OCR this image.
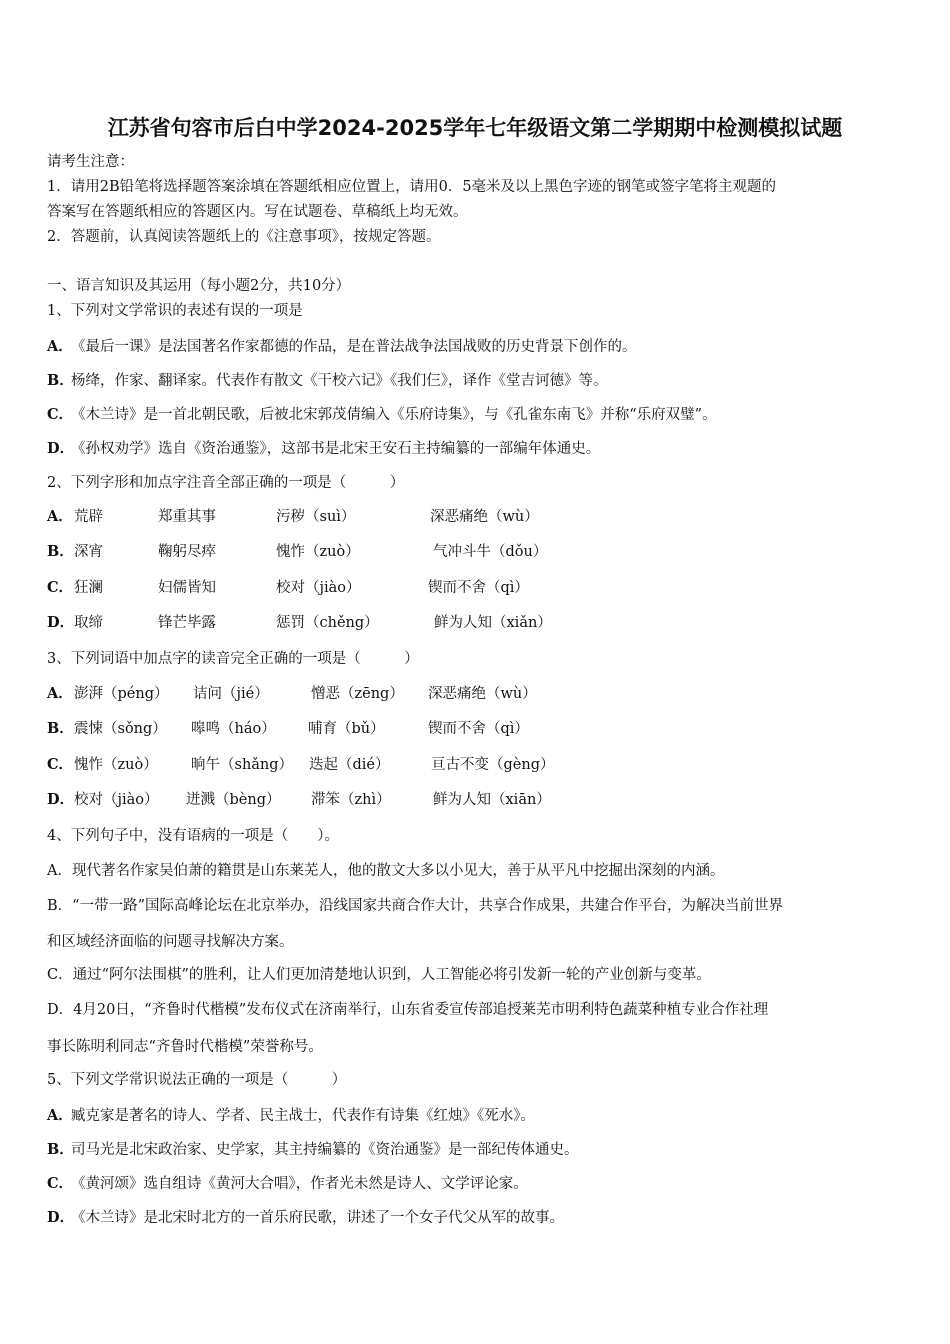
江苏省句容市后白中学2024-2025学年七年级语文第二学期期中检测模拟试题
请考生注意：
1．请用2B铅笔将选择题答案涂填在答题纸相应位置上，请用0．5毫米及以上黑色字迹的钢笔或签字笔将主观题的
答案写在答题纸相应的答题区内。写在试题卷、草稿纸上均无效。
2．答题前，认真阅读答题纸上的《注意事项》，按规定答题。
一、语言知识及其运用（每小题2分，共10分）
1、下列对文学常识的表述有误的一项是
A．《最后一课》是法国著名作家都德的作品，是在普法战争法国战败的历史背景下创作的。
B．杨绛，作家、翻译家。代表作有散文《干校六记》《我们仨》，译作《堂吉诃德》等。
C．《木兰诗》是一首北朝民歌，后被北宋郭茂倩编入《乐府诗集》，与《孔雀东南飞》并称“乐府双璧”。
D．《孙权劝学》选自《资治通鉴》，这部书是北宋王安石主持编纂的一部编年体通史。
2、下列字形和加点字注音全部正确的一项是（　　　）
A． 荒辟	郑重其事	污秽（suì）	深恶痛绝（wù）
B． 深宵	鞠躬尽瘁	愧怍（zuò）	气冲斗牛（dǒu）
C． 狂澜	妇儒皆知	校对（jiào）	锲而不舍（qì）
D． 取缔	锋芒毕露	惩罚（chěng）	鲜为人知（xiǎn）
3、下列词语中加点字的读音完全正确的一项是（　　　）
A． 澎湃（péng） 诘问（jié）	憎恶（zēng） 深恶痛绝（wù）
B． 震悚（sǒng） 嗥鸣（háo） 哺育（bǔ）	锲而不舍（qì）
C． 愧怍（zuò） 晌午（shǎng） 迭起（dié）	亘古不变（gèng）
D． 校对（jiào） 迸溅（bèng） 滞笨（zhì）	鲜为人知（xiān）
4、下列句子中，没有语病的一项是（　　）。
A．现代著名作家吴伯萧的籍贯是山东莱芜人，他的散文大多以小见大，善于从平凡中挖掘出深刻的内涵。
B．“一带一路”国际高峰论坛在北京举办，沿线国家共商合作大计，共享合作成果，共建合作平台，为解决当前世界
和区域经济面临的问题寻找解决方案。
C．通过“阿尔法围棋”的胜利，让人们更加清楚地认识到，人工智能必将引发新一轮的产业创新与变革。
D．4月20日，“齐鲁时代楷模”发布仪式在济南举行，山东省委宣传部追授莱芜市明利特色蔬菜种植专业合作社理
事长陈明利同志“齐鲁时代楷模”荣誉称号。
5、下列文学常识说法正确的一项是（　　　）
A．臧克家是著名的诗人、学者、民主战士，代表作有诗集《红烛》《死水》。
B．司马光是北宋政治家、史学家，其主持编纂的《资治通鉴》是一部纪传体通史。
C．《黄河颂》选自组诗《黄河大合唱》，作者光未然是诗人、文学评论家。
D．《木兰诗》是北宋时北方的一首乐府民歌，讲述了一个女子代父从军的故事。
